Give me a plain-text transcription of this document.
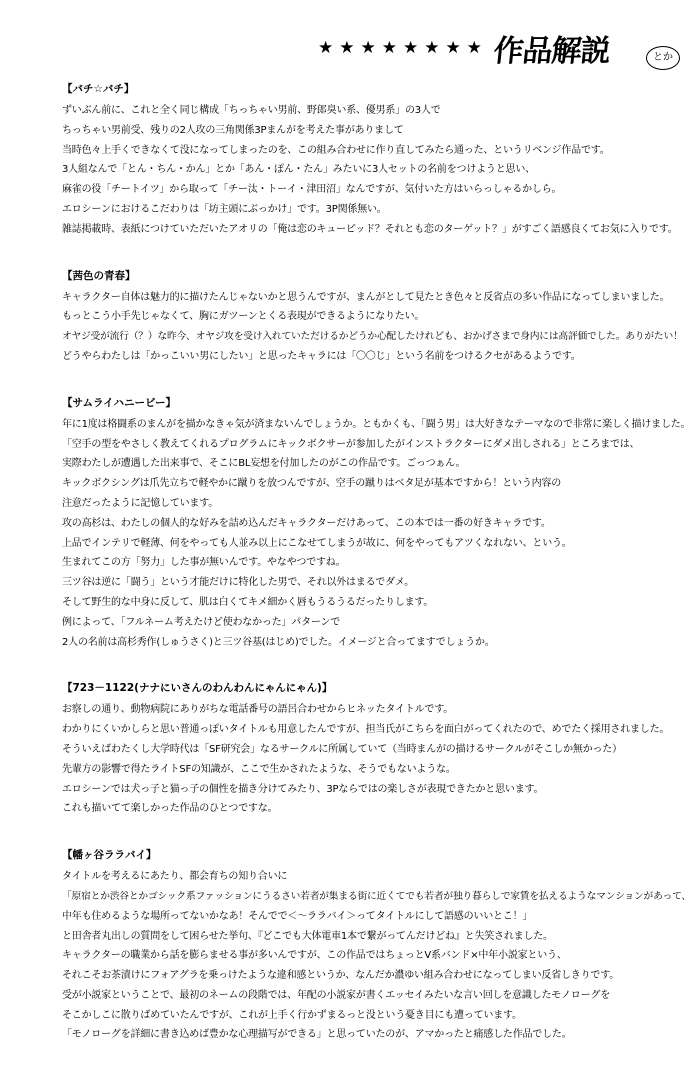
★★★★★★★★ 作品解説	とか
【バチ☆バチ】
ずいぶん前に、これと全く同じ構成「ちっちゃい男前、野郎臭い系、優男系」の3人で
ちっちゃい男前受、残りの2人攻の三角関係3Pまんがを考えた事がありまして
当時色々上手くできなくて没になってしまったのを、この組み合わせに作り直してみたら通った、というリベンジ作品です。
3人組なんで「とん・ちん・かん」とか「あん・ぽん・たん」みたいに3人セットの名前をつけようと思い、
麻雀の役「チートイツ」から取って「チー汰・トーイ・津田沼」なんですが、気付いた方はいらっしゃるかしら。
エロシーンにおけるこだわりは「坊主頭にぶっかけ」です。3P関係無い。
雑誌掲載時、表紙につけていただいたアオリの「俺は恋のキューピッド？それとも恋のターゲット？」がすごく語感良くてお気に入りです。
【茜色の青春】
キャラクター自体は魅力的に描けたんじゃないかと思うんですが、まんがとして見たとき色々と反省点の多い作品になってしまいました。
もっとこう小手先じゃなくて、胸にガツーンとくる表現ができるようになりたい。
オヤジ受が流行（？）な昨今、オヤジ攻を受け入れていただけるかどうか心配したけれども、おかげさまで身内には高評価でした。ありがたい！
どうやらわたしは「かっこいい男にしたい」と思ったキャラには「〇〇じ」という名前をつけるクセがあるようです。
【サムライハニービー】
年に1度は格闘系のまんがを描かなきゃ気が済まないんでしょうか。ともかくも、「闘う男」は大好きなテーマなので非常に楽しく描けました。
「空手の型をやさしく教えてくれるプログラムにキックボクサーが参加したがインストラクターにダメ出しされる」ところまでは、
実際わたしが遭遇した出来事で、そこにBL妄想を付加したのがこの作品です。ごっつぁん。
キックボクシングは爪先立ちで軽やかに蹴りを放つんですが、空手の蹴りはベタ足が基本ですから！という内容の
注意だったように記憶しています。
攻の高杉は、わたしの個人的な好みを詰め込んだキャラクターだけあって、この本では一番の好きキャラです。
上品でインテリで軽薄、何をやっても人並み以上にこなせてしまうが故に、何をやってもアツくなれない、という。
生まれてこの方「努力」した事が無いんです。やなやつですね。
三ツ谷は逆に「闘う」という才能だけに特化した男で、それ以外はまるでダメ。
そして野生的な中身に反して、肌は白くてキメ細かく唇もうるうるだったりします。
例によって、「フルネーム考えたけど使わなかった」パターンで
2人の名前は高杉秀作(しゅうさく)と三ツ谷基(はじめ)でした。イメージと合ってますでしょうか。
【723－1122(ナナにいさんのわんわんにゃんにゃん)】
お察しの通り、動物病院にありがちな電話番号の語呂合わせからヒネッたタイトルです。
わかりにくいかしらと思い普通っぽいタイトルも用意したんですが、担当氏がこちらを面白がってくれたので、めでたく採用されました。
そういえばわたくし大学時代は「SF研究会」なるサークルに所属していて（当時まんがの描けるサークルがそこしか無かった）
先輩方の影響で得たライトSFの知識が、ここで生かされたような、そうでもないような。
エロシーンでは犬っ子と猫っ子の個性を描き分けてみたり、3Pならではの楽しさが表現できたかと思います。
これも描いてて楽しかった作品のひとつですな。
【幡ヶ谷ララバイ】
タイトルを考えるにあたり、都会育ちの知り合いに
「原宿とか渋谷とかゴシック系ファッションにうるさい若者が集まる街に近くてでも若者が独り暮らしで家賃を払えるようなマンションがあって、
中年も住めるような場所ってないかなあ！そんでで＜～ララバイ＞ってタイトルにして語感のいいとこ！」
と田舎者丸出しの質問をして困らせた挙句、『どこでも大体電車1本で繋がってんだけどね』と失笑されました。
キャラクターの職業から話を膨らませる事が多いんですが、この作品ではちょっとV系バンド×中年小説家という、
それこそお茶漬けにフォアグラを乗っけたような違和感というか、なんだか濃ゆい組み合わせになってしまい反省しきりです。
受が小説家ということで、最初のネームの段階では、年配の小説家が書くエッセイみたいな言い回しを意識したモノローグを
そこかしこに散りばめていたんですが、これが上手く行かずまるっと没という憂き目にも遭っています。
「モノローグを詳細に書き込めば豊かな心理描写ができる」と思っていたのが、アマかったと痛感した作品でした。
